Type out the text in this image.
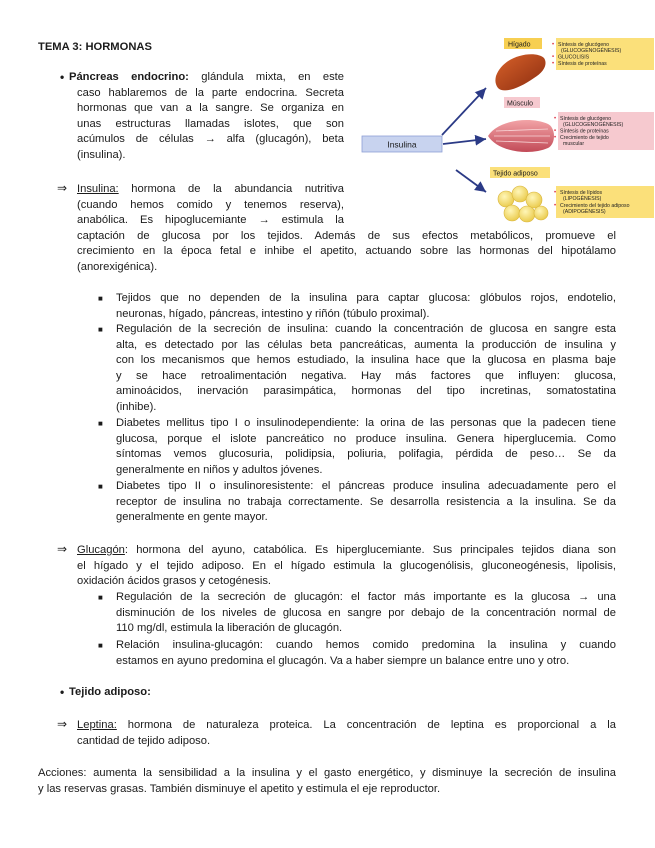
TEMA 3: HORMONAS
• Páncreas endocrino: glándula mixta, en este
caso hablaremos de la parte endocrina. Secreta
hormonas que van a la sangre. Se organiza en
unas estructuras llamadas islotes, que son
acúmulos de células → alfa (glucagón), beta
(insulina).
⇒ Insulina: hormona de la abundancia nutritiva
(cuando hemos comido y tenemos reserva),
anabólica. Es hipoglucemiante → estimula la
captación de glucosa por los tejidos. Además de sus efectos metabólicos, promueve el
crecimiento en la época fetal e inhibe el apetito, actuando sobre las hormonas del hipotálamo
(anorexigénica).
■ Tejidos que no dependen de la insulina para captar glucosa: glóbulos rojos, endotelio,
neuronas, hígado, páncreas, intestino y riñón (túbulo proximal).
■ Regulación de la secreción de insulina: cuando la concentración de glucosa en sangre esta
alta, es detectado por las células beta pancreáticas, aumenta la producción de insulina y
con los mecanismos que hemos estudiado, la insulina hace que la glucosa en plasma baje
y se hace retroalimentación negativa. Hay más factores que influyen: glucosa,
aminoácidos, inervación parasimpática, hormonas del tipo incretinas, somatostatina
(inhibe).
■ Diabetes mellitus tipo I o insulinodependiente: la orina de las personas que la padecen tiene
glucosa, porque el islote pancreático no produce insulina. Genera hiperglucemia. Como
síntomas vemos glucosuria, polidipsia, poliuria, polifagia, pérdida de peso… Se da
generalmente en niños y adultos jóvenes.
■ Diabetes tipo II o insulinoresistente: el páncreas produce insulina adecuadamente pero el
receptor de insulina no trabaja correctamente. Se desarrolla resistencia a la insulina. Se da
generalmente en gente mayor.
⇒ Glucagón: hormona del ayuno, catabólica. Es hiperglucemiante. Sus principales tejidos diana son
el hígado y el tejido adiposo. En el hígado estimula la glucogenólisis, gluconeogénesis, lipolisis,
oxidación ácidos grasos y cetogénesis.
■ Regulación de la secreción de glucagón: el factor más importante es la glucosa → una
disminución de los niveles de glucosa en sangre por debajo de la concentración normal de
110 mg/dl, estimula la liberación de glucagón.
■ Relación insulina-glucagón: cuando hemos comido predomina la insulina y cuando
estamos en ayuno predomina el glucagón. Va a haber siempre un balance entre uno y otro.
• Tejido adiposo:
⇒ Leptina: hormona de naturaleza proteica. La concentración de leptina es proporcional a la
cantidad de tejido adiposo.
Acciones: aumenta la sensibilidad a la insulina y el gasto energético, y disminuye la secreción de insulina
y las reservas grasas. También disminuye el apetito y estimula el eje reproductor.
Insulina
Hígado	Síntesis de glucógeno
(GLUCOGENOGÉNESIS)
GLUCOLISIS
Síntesis de proteínas
•
•
•
Músculo
Síntesis de glucógeno
(GLUCOGENOGÉNESIS)
Síntesis de proteínas
Crecimiento de tejido
muscular
•
•
•
Tejido adiposo
Síntesis de lípidos
(LIPOGÉNESIS)
Crecimiento del tejido adiposo
(ADIPOGÉNESIS)
•
•
